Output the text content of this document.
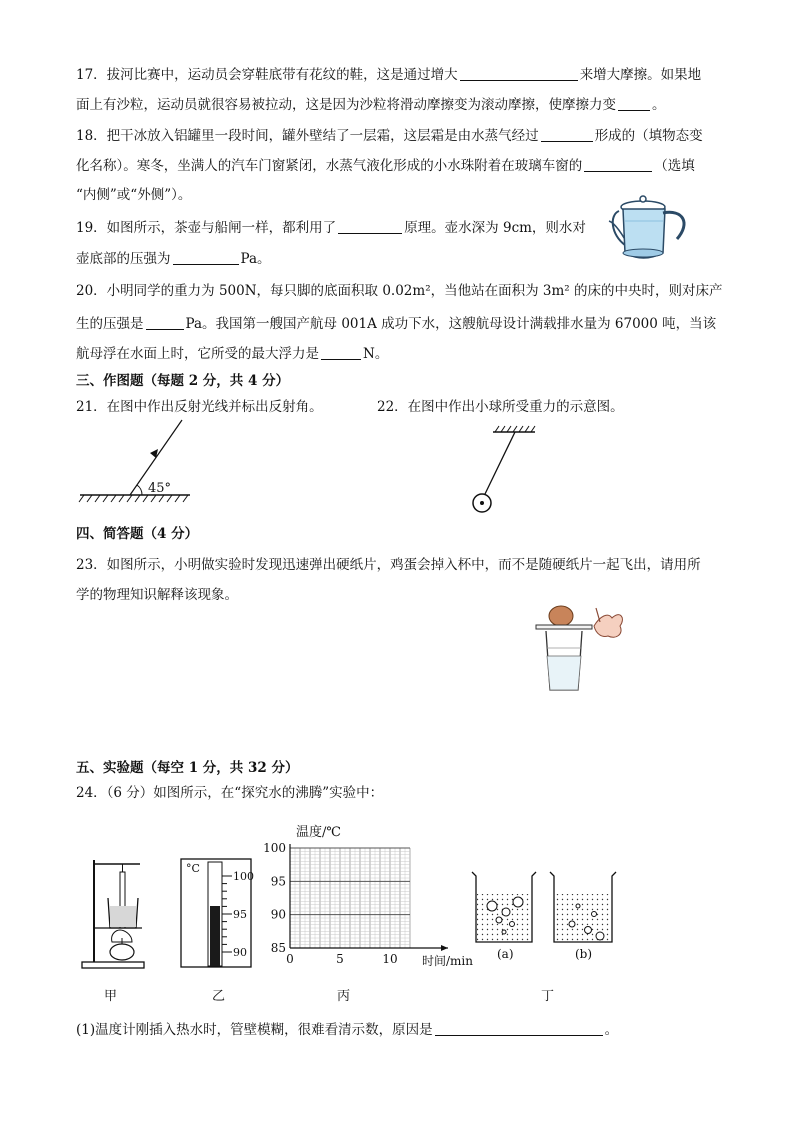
17．拔河比赛中，运动员会穿鞋底带有花纹的鞋，这是通过增大	来增大摩擦。如果地
面上有沙粒，运动员就很容易被拉动，这是因为沙粒将滑动摩擦变为滚动摩擦，使摩擦力变	。
18．把干冰放入铝罐里一段时间，罐外壁结了一层霜，这层霜是由水蒸气经过	形成的（填物态变
化名称）。寒冬，坐满人的汽车门窗紧闭，水蒸气液化形成的小水珠附着在玻璃车窗的	（选填
“内侧”或“外侧”）。
19．如图所示，茶壶与船闸一样，都利用了	原理。壶水深为 9cm，则水对
壶底部的压强为	Pa。
20．小明同学的重力为 500N，每只脚的底面积取 0.02m²，当他站在面积为 3m² 的床的中央时，则对床产
生的压强是	Pa。我国第一艘国产航母 001A 成功下水，这艘航母设计满载排水量为 67000 吨，当该
航母浮在水面上时，它所受的最大浮力是	N。
三、作图题（每题 2 分，共 4 分）
21．在图中作出反射光线并标出反射角。	22．在图中作出小球所受重力的示意图。
45°
四、简答题（4 分）
23．如图所示，小明做实验时发现迅速弹出硬纸片，鸡蛋会掉入杯中，而不是随硬纸片一起飞出，请用所
学的物理知识解释该现象。
五、实验题（每空 1 分，共 32 分）
24．（6 分）如图所示，在“探究水的沸腾”实验中：
甲
°C
100
95
90
乙
85
90
95
100
0	5	10
温度/℃
时间/min
丙
(a)	(b)
丁
(1)温度计刚插入热水时，管壁模糊，很难看清示数，原因是	。
